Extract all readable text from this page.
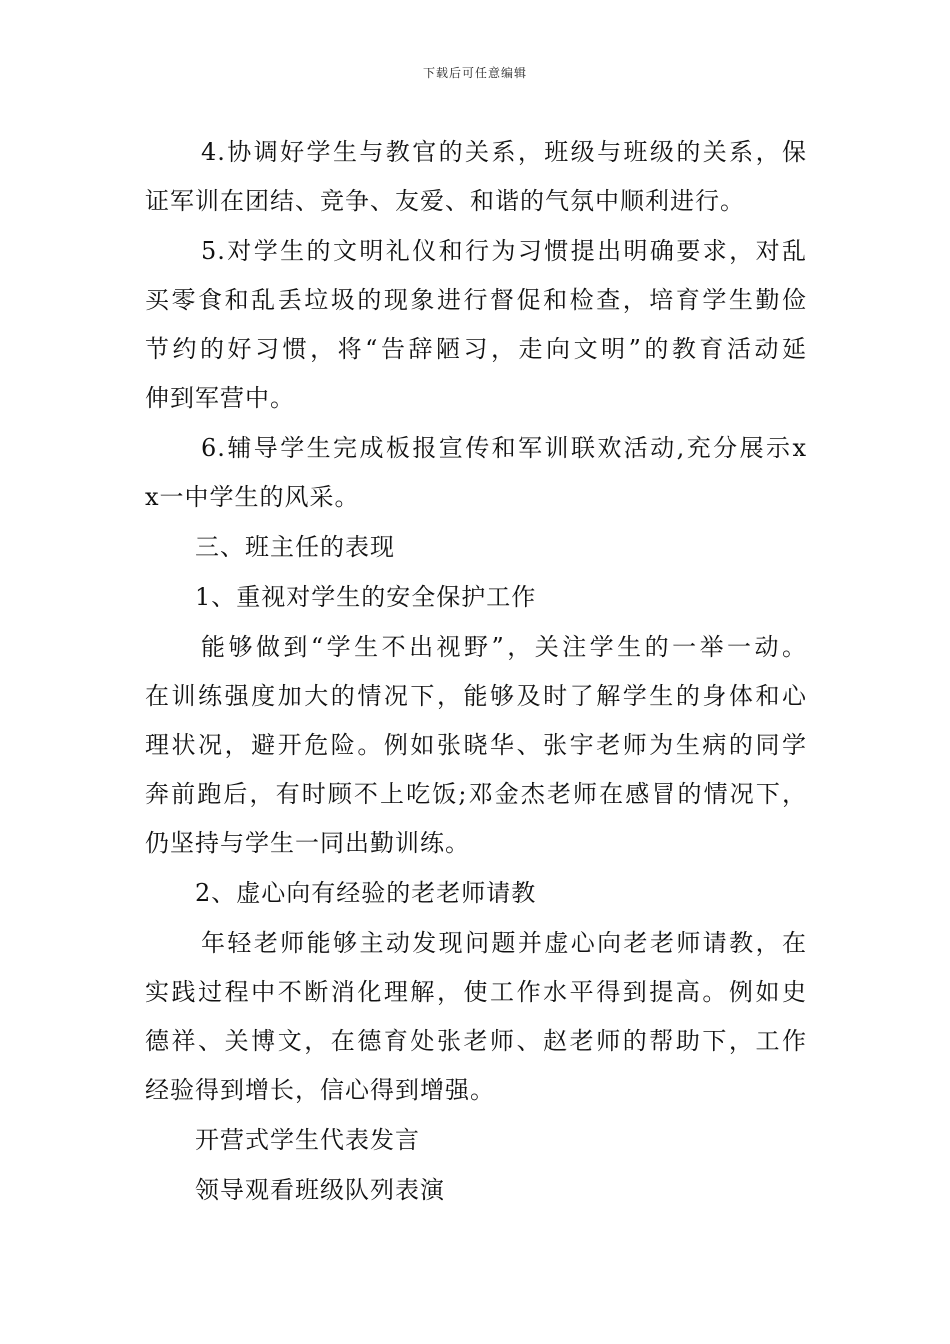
下载后可任意编辑
4.协调好学生与教官的关系，班级与班级的关系，保
证军训在团结、竞争、友爱、和谐的气氛中顺利进行。
5.对学生的文明礼仪和行为习惯提出明确要求，对乱
买零食和乱丢垃圾的现象进行督促和检查，培育学生勤俭
节约的好习惯，将“告辞陋习，走向文明”的教育活动延
伸到军营中。
6.辅导学生完成板报宣传和军训联欢活动,充分展示x
x一中学生的风采。
三、班主任的表现
1、重视对学生的安全保护工作
能够做到“学生不出视野”，关注学生的一举一动。
在训练强度加大的情况下，能够及时了解学生的身体和心
理状况，避开危险。例如张晓华、张宇老师为生病的同学
奔前跑后，有时顾不上吃饭;邓金杰老师在感冒的情况下，
仍坚持与学生一同出勤训练。
2、虚心向有经验的老老师请教
年轻老师能够主动发现问题并虚心向老老师请教，在
实践过程中不断消化理解，使工作水平得到提高。例如史
德祥、关博文，在德育处张老师、赵老师的帮助下，工作
经验得到增长，信心得到增强。
开营式学生代表发言
领导观看班级队列表演
